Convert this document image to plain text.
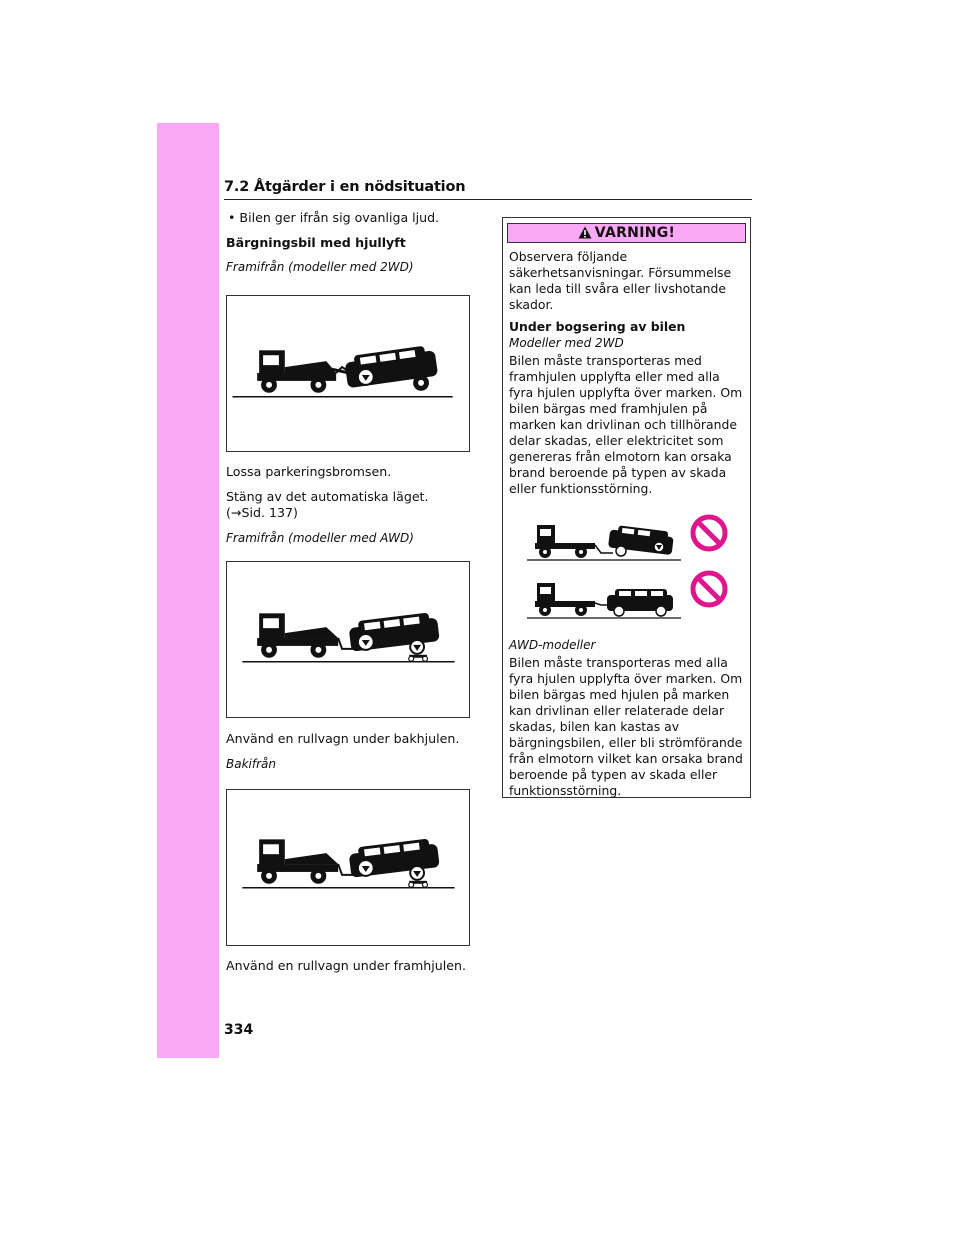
7.2 Åtgärder i en nödsituation

• Bilen ger ifrån sig ovanliga ljud.

Bärgningsbil med hjullyft

Framifrån (modeller med 2WD)

Lossa parkeringsbromsen.

Stäng av det automatiska läget.

(→Sid. 137)

Framifrån (modeller med AWD)

Använd en rullvagn under bakhjulen.

Bakifrån

Använd en rullvagn under framhjulen.

VARNING!

Observera följande säkerhetsanvisningar. Försummelse kan leda till svåra eller livshotande skador.

Under bogsering av bilen

Modeller med 2WD

Bilen måste transporteras med framhjulen upplyfta eller med alla fyra hjulen upplyfta över marken. Om bilen bärgas med framhjulen på marken kan drivlinan och tillhörande delar skadas, eller elektricitet som genereras från elmotorn kan orsaka brand beroende på typen av skada eller funktionsstörning.

AWD-modeller

Bilen måste transporteras med alla fyra hjulen upplyfta över marken. Om bilen bärgas med hjulen på marken kan drivlinan eller relaterade delar skadas, bilen kan kastas av bärgningsbilen, eller bli strömförande från elmotorn vilket kan orsaka brand beroende på typen av skada eller funktionsstörning.

334
